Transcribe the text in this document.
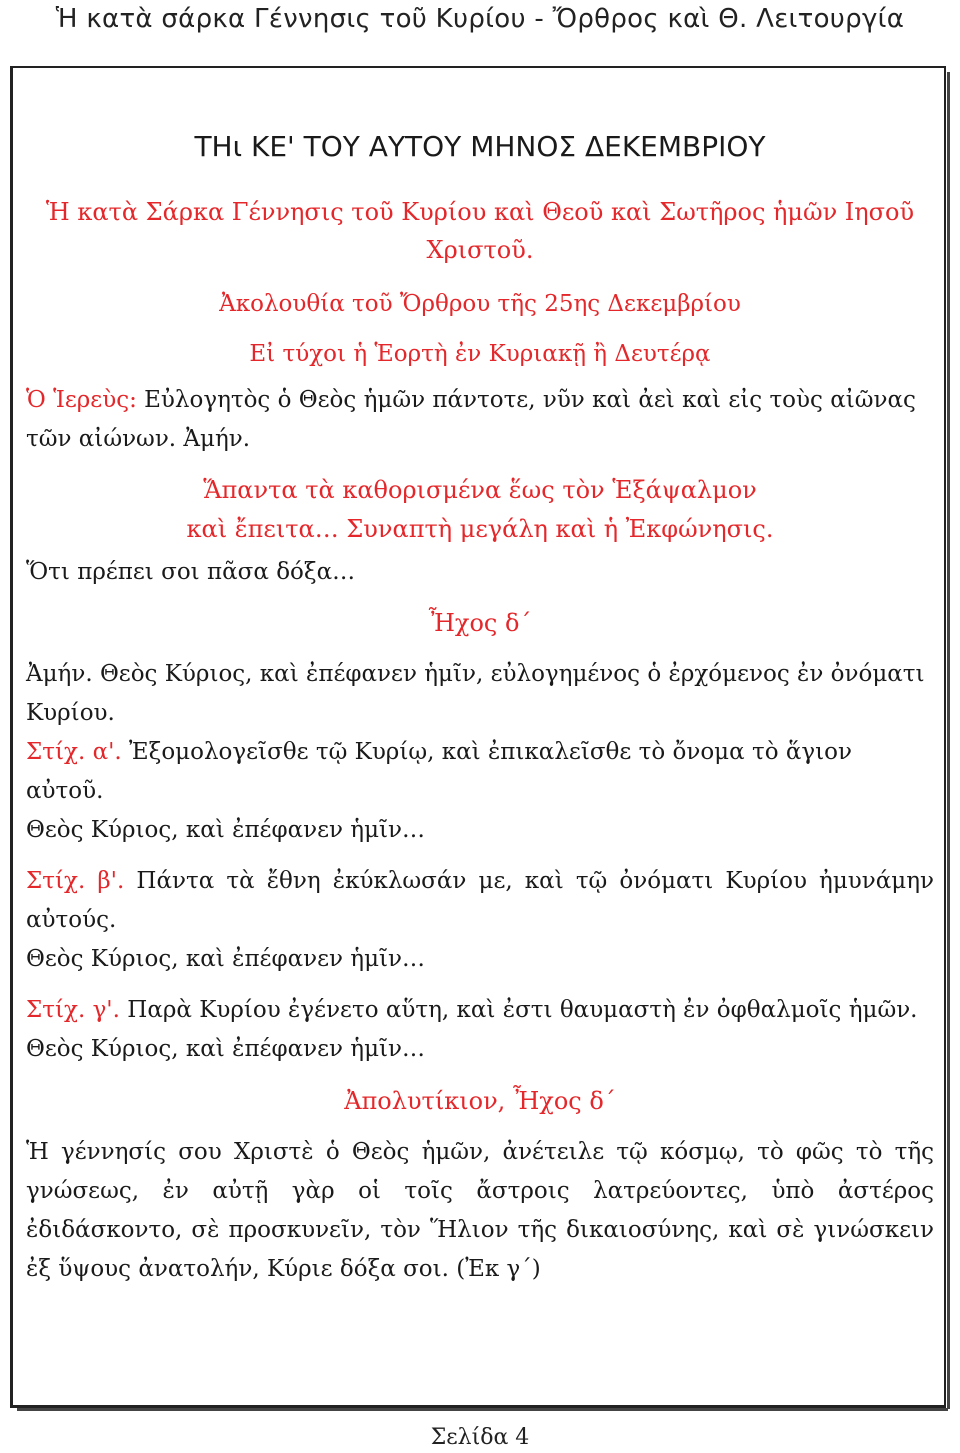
Ἡ κατὰ σάρκα Γέννησις τοῦ Κυρίου - Ὄρθρος καὶ Θ. Λειτουργία
ΤΗι ΚΕ' ΤΟΥ ΑΥΤΟΥ ΜΗΝΟΣ ΔΕΚΕΜΒΡΙΟΥ
Ἡ κατὰ Σάρκα Γέννησις τοῦ Κυρίου καὶ Θεοῦ καὶ Σωτῆρος ἡμῶν Ιησοῦ Χριστοῦ.
Ἀκολουθία τοῦ Ὄρθρου τῆς 25ης Δεκεμβρίου
Εἰ τύχοι ἡ Ἑορτὴ ἐν Κυριακῇ ἢ Δευτέρᾳ

Ὁ Ἱερεὺς: Εὐλογητὸς ὁ Θεὸς ἡμῶν πάντοτε, νῦν καὶ ἀεὶ καὶ εἰς τοὺς αἰῶνας τῶν αἰώνων. Ἀμήν.

Ἅπαντα τὰ καθορισμένα ἕως τὸν Ἑξάψαλμον καὶ ἔπειτα… Συναπτὴ μεγάλη καὶ ἡ Ἐκφώνησις.

Ὅτι πρέπει σοι πᾶσα δόξα…

Ἦχος δ΄

Ἀμήν. Θεὸς Κύριος, καὶ ἐπέφανεν ἡμῖν, εὐλογημένος ὁ ἐρχόμενος ἐν ὀνόματι Κυρίου.

Στίχ. α'. Ἐξομολογεῖσθε τῷ Κυρίῳ, καὶ ἐπικαλεῖσθε τὸ ὄνομα τὸ ἅγιον αὐτοῦ.

Θεὸς Κύριος, καὶ ἐπέφανεν ἡμῖν…

Στίχ. β'. Πάντα τὰ ἔθνη ἐκύκλωσάν με, καὶ τῷ ὀνόματι Κυρίου ἠμυνάμην αὐτούς.

Θεὸς Κύριος, καὶ ἐπέφανεν ἡμῖν…

Στίχ. γ'. Παρὰ Κυρίου ἐγένετο αὕτη, καὶ ἐστι θαυμαστὴ ἐν ὀφθαλμοῖς ἡμῶν.

Θεὸς Κύριος, καὶ ἐπέφανεν ἡμῖν…

Ἀπολυτίκιον, Ἦχος δ΄

Ἡ γέννησίς σου Χριστὲ ὁ Θεὸς ἡμῶν, ἀνέτειλε τῷ κόσμῳ, τὸ φῶς τὸ τῆς γνώσεως, ἐν αὐτῇ γὰρ οἱ τοῖς ἄστροις λατρεύοντες, ὑπὸ ἀστέρος ἐδιδάσκοντο, σὲ προσκυνεῖν, τὸν Ἥλιον τῆς δικαιοσύνης, καὶ σὲ γινώσκειν ἐξ ὕψους ἀνατολήν, Κύριε δόξα σοι. (Ἐκ γ΄)

Σελίδα 4
